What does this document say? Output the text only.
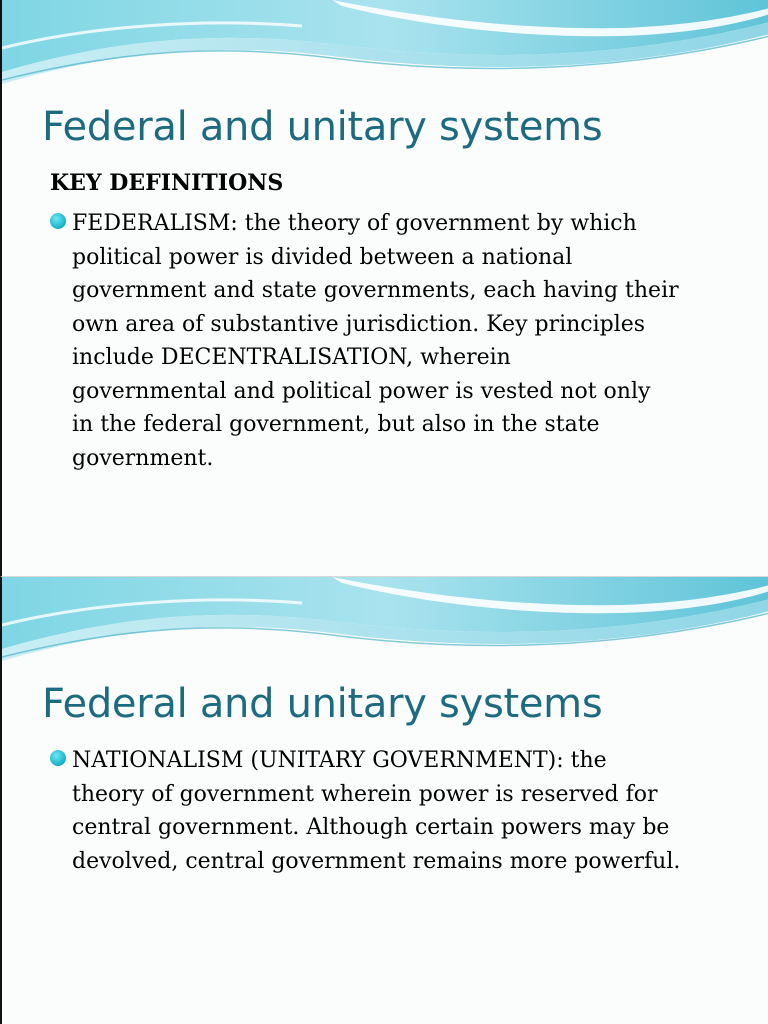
Federal and unitary systems
KEY DEFINITIONS
FEDERALISM: the theory of government by which
political power is divided between a national
government and state governments, each having their
own area of substantive jurisdiction. Key principles
include DECENTRALISATION, wherein
governmental and political power is vested not only
in the federal government, but also in the state
government.
Federal and unitary systems
NATIONALISM (UNITARY GOVERNMENT): the
theory of government wherein power is reserved for
central government. Although certain powers may be
devolved, central government remains more powerful.
